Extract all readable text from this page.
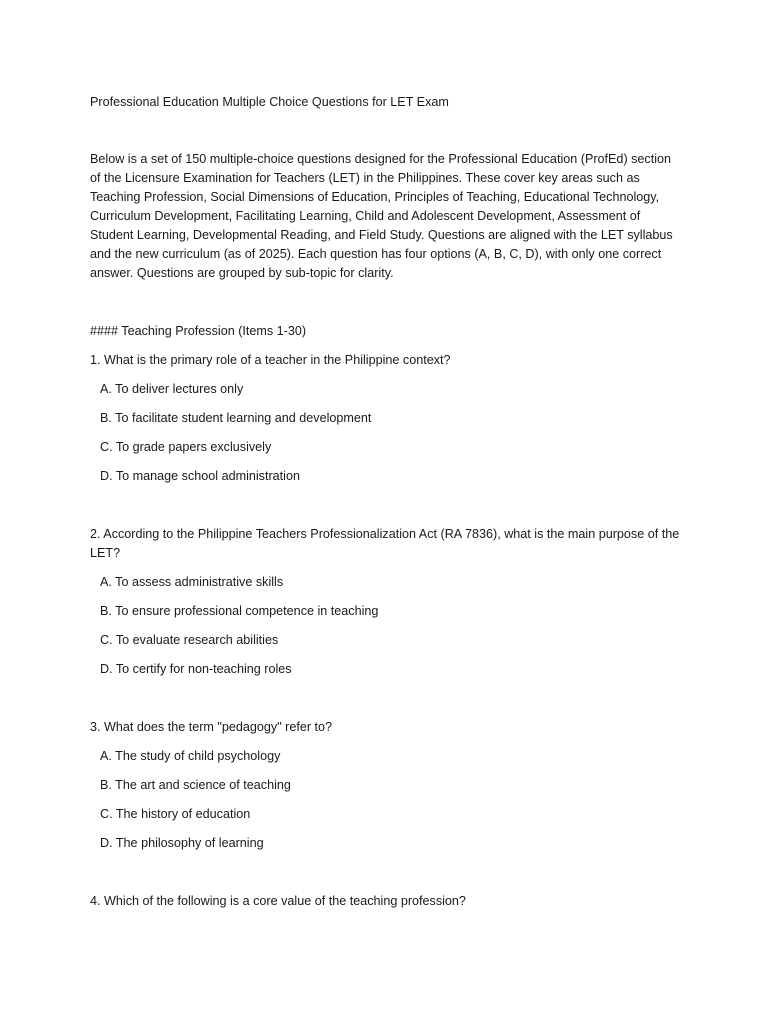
Professional Education Multiple Choice Questions for LET Exam

Below is a set of 150 multiple-choice questions designed for the Professional Education (ProfEd) section of the Licensure Examination for Teachers (LET) in the Philippines. These cover key areas such as Teaching Profession, Social Dimensions of Education, Principles of Teaching, Educational Technology, Curriculum Development, Facilitating Learning, Child and Adolescent Development, Assessment of Student Learning, Developmental Reading, and Field Study. Questions are aligned with the LET syllabus and the new curriculum (as of 2025). Each question has four options (A, B, C, D), with only one correct answer. Questions are grouped by sub-topic for clarity.

#### Teaching Profession (Items 1-30)

1. What is the primary role of a teacher in the Philippine context?

A. To deliver lectures only

B. To facilitate student learning and development

C. To grade papers exclusively

D. To manage school administration

2. According to the Philippine Teachers Professionalization Act (RA 7836), what is the main purpose of the LET?

A. To assess administrative skills

B. To ensure professional competence in teaching

C. To evaluate research abilities

D. To certify for non-teaching roles

3. What does the term "pedagogy" refer to?

A. The study of child psychology

B. The art and science of teaching

C. The history of education

D. The philosophy of learning

4. Which of the following is a core value of the teaching profession?
